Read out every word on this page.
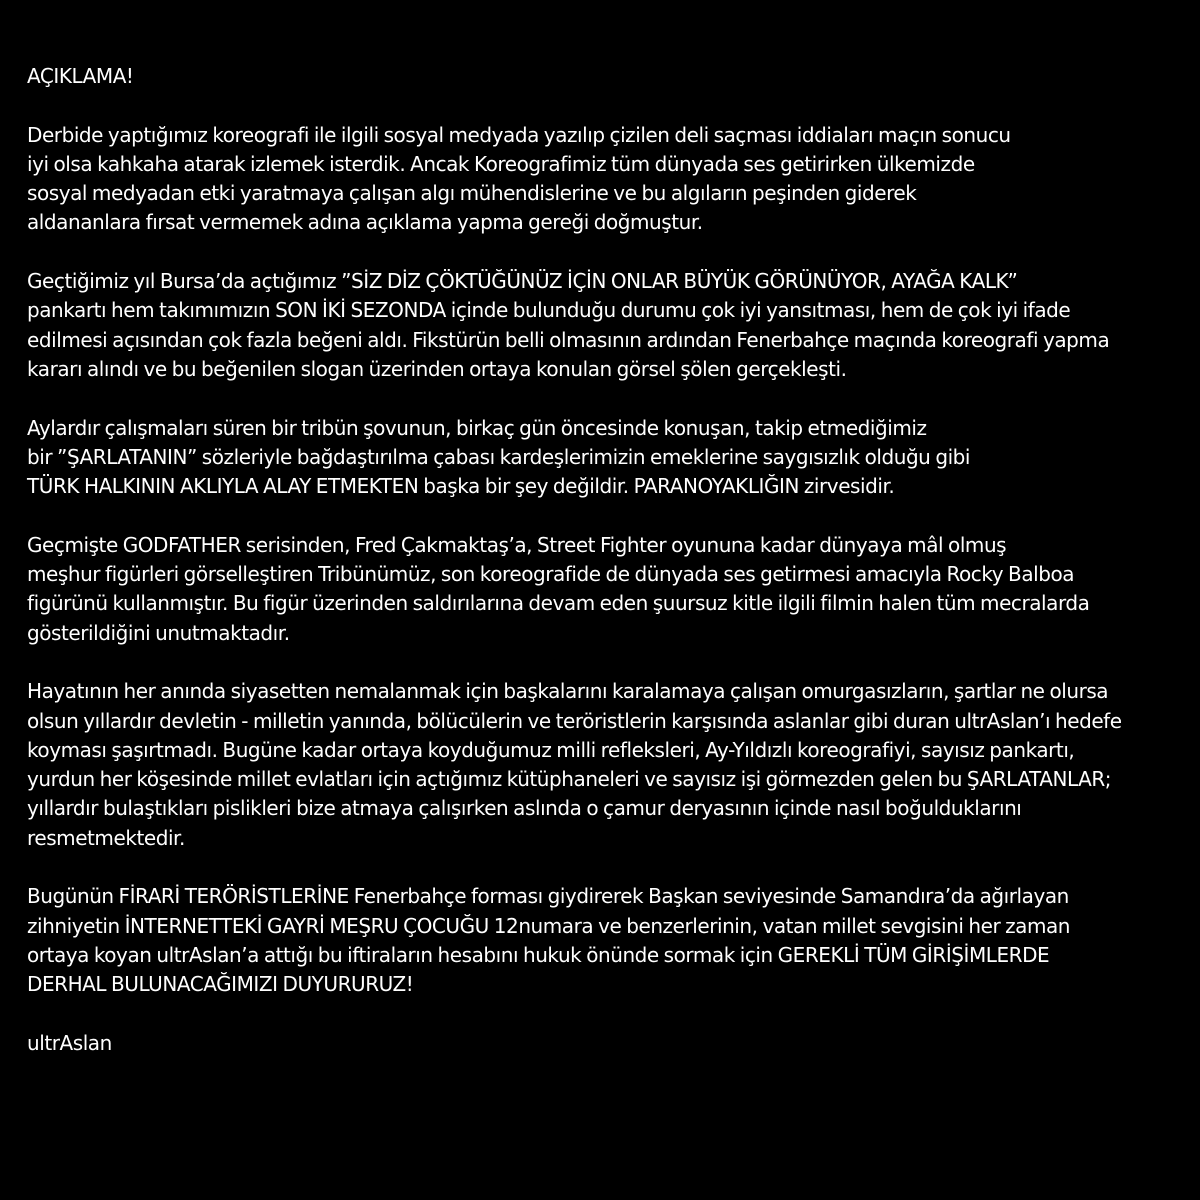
AÇIKLAMA!
Derbide yaptığımız koreografi ile ilgili sosyal medyada yazılıp çizilen deli saçması iddiaları maçın sonucu
iyi olsa kahkaha atarak izlemek isterdik. Ancak Koreografimiz tüm dünyada ses getirirken ülkemizde
sosyal medyadan etki yaratmaya çalışan algı mühendislerine ve bu algıların peşinden giderek
aldananlara fırsat vermemek adına açıklama yapma gereği doğmuştur.
Geçtiğimiz yıl Bursa’da açtığımız ”SİZ DİZ ÇÖKTÜĞÜNÜZ İÇİN ONLAR BÜYÜK GÖRÜNÜYOR, AYAĞA KALK”
pankartı hem takımımızın SON İKİ SEZONDA içinde bulunduğu durumu çok iyi yansıtması, hem de çok iyi ifade
edilmesi açısından çok fazla beğeni aldı. Fikstürün belli olmasının ardından Fenerbahçe maçında koreografi yapma
kararı alındı ve bu beğenilen slogan üzerinden ortaya konulan görsel şölen gerçekleşti.
Aylardır çalışmaları süren bir tribün şovunun, birkaç gün öncesinde konuşan, takip etmediğimiz
bir ”ŞARLATANIN” sözleriyle bağdaştırılma çabası kardeşlerimizin emeklerine saygısızlık olduğu gibi
TÜRK HALKININ AKLIYLA ALAY ETMEKTEN başka bir şey değildir. PARANOYAKLIĞIN zirvesidir.
Geçmişte GODFATHER serisinden, Fred Çakmaktaş’a, Street Fighter oyununa kadar dünyaya mâl olmuş
meşhur figürleri görselleştiren Tribünümüz, son koreografide de dünyada ses getirmesi amacıyla Rocky Balboa
figürünü kullanmıştır. Bu figür üzerinden saldırılarına devam eden şuursuz kitle ilgili filmin halen tüm mecralarda
gösterildiğini unutmaktadır.
Hayatının her anında siyasetten nemalanmak için başkalarını karalamaya çalışan omurgasızların, şartlar ne olursa
olsun yıllardır devletin - milletin yanında, bölücülerin ve teröristlerin karşısında aslanlar gibi duran ultrAslan’ı hedefe
koyması şaşırtmadı. Bugüne kadar ortaya koyduğumuz milli refleksleri, Ay-Yıldızlı koreografiyi, sayısız pankartı,
yurdun her köşesinde millet evlatları için açtığımız kütüphaneleri ve sayısız işi görmezden gelen bu ŞARLATANLAR;
yıllardır bulaştıkları pislikleri bize atmaya çalışırken aslında o çamur deryasının içinde nasıl boğulduklarını
resmetmektedir.
Bugünün FİRARİ TERÖRİSTLERİNE Fenerbahçe forması giydirerek Başkan seviyesinde Samandıra’da ağırlayan
zihniyetin İNTERNETTEKİ GAYRİ MEŞRU ÇOCUĞU 12numara ve benzerlerinin, vatan millet sevgisini her zaman
ortaya koyan ultrAslan’a attığı bu iftiraların hesabını hukuk önünde sormak için GEREKLİ TÜM GİRİŞİMLERDE
DERHAL BULUNACAĞIMIZI DUYURURUZ!
ultrAslan
